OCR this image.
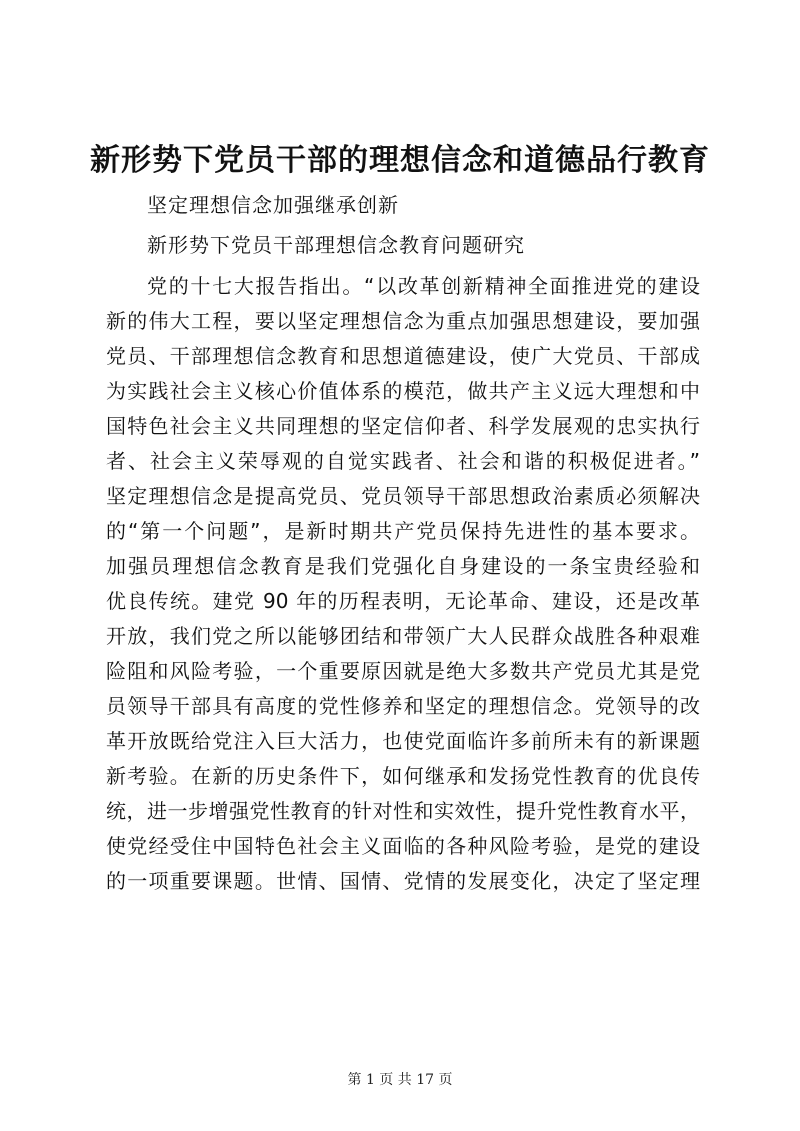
新形势下党员干部的理想信念和道德品行教育
坚定理想信念加强继承创新
新形势下党员干部理想信念教育问题研究
党的十七大报告指出。“以改革创新精神全面推进党的建设
新的伟大工程，要以坚定理想信念为重点加强思想建设，要加强
党员、干部理想信念教育和思想道德建设，使广大党员、干部成
为实践社会主义核心价值体系的模范，做共产主义远大理想和中
国特色社会主义共同理想的坚定信仰者、科学发展观的忠实执行
者、社会主义荣辱观的自觉实践者、社会和谐的积极促进者。”
坚定理想信念是提高党员、党员领导干部思想政治素质必须解决
的“第一个问题”，是新时期共产党员保持先进性的基本要求。
加强员理想信念教育是我们党强化自身建设的一条宝贵经验和
优良传统。建党 90 年的历程表明，无论革命、建设，还是改革
开放，我们党之所以能够团结和带领广大人民群众战胜各种艰难
险阻和风险考验，一个重要原因就是绝大多数共产党员尤其是党
员领导干部具有高度的党性修养和坚定的理想信念。党领导的改
革开放既给党注入巨大活力，也使党面临许多前所未有的新课题
新考验。在新的历史条件下，如何继承和发扬党性教育的优良传
统，进一步增强党性教育的针对性和实效性，提升党性教育水平，
使党经受住中国特色社会主义面临的各种风险考验，是党的建设
的一项重要课题。世情、国情、党情的发展变化，决定了坚定理
第 1 页 共 17 页
